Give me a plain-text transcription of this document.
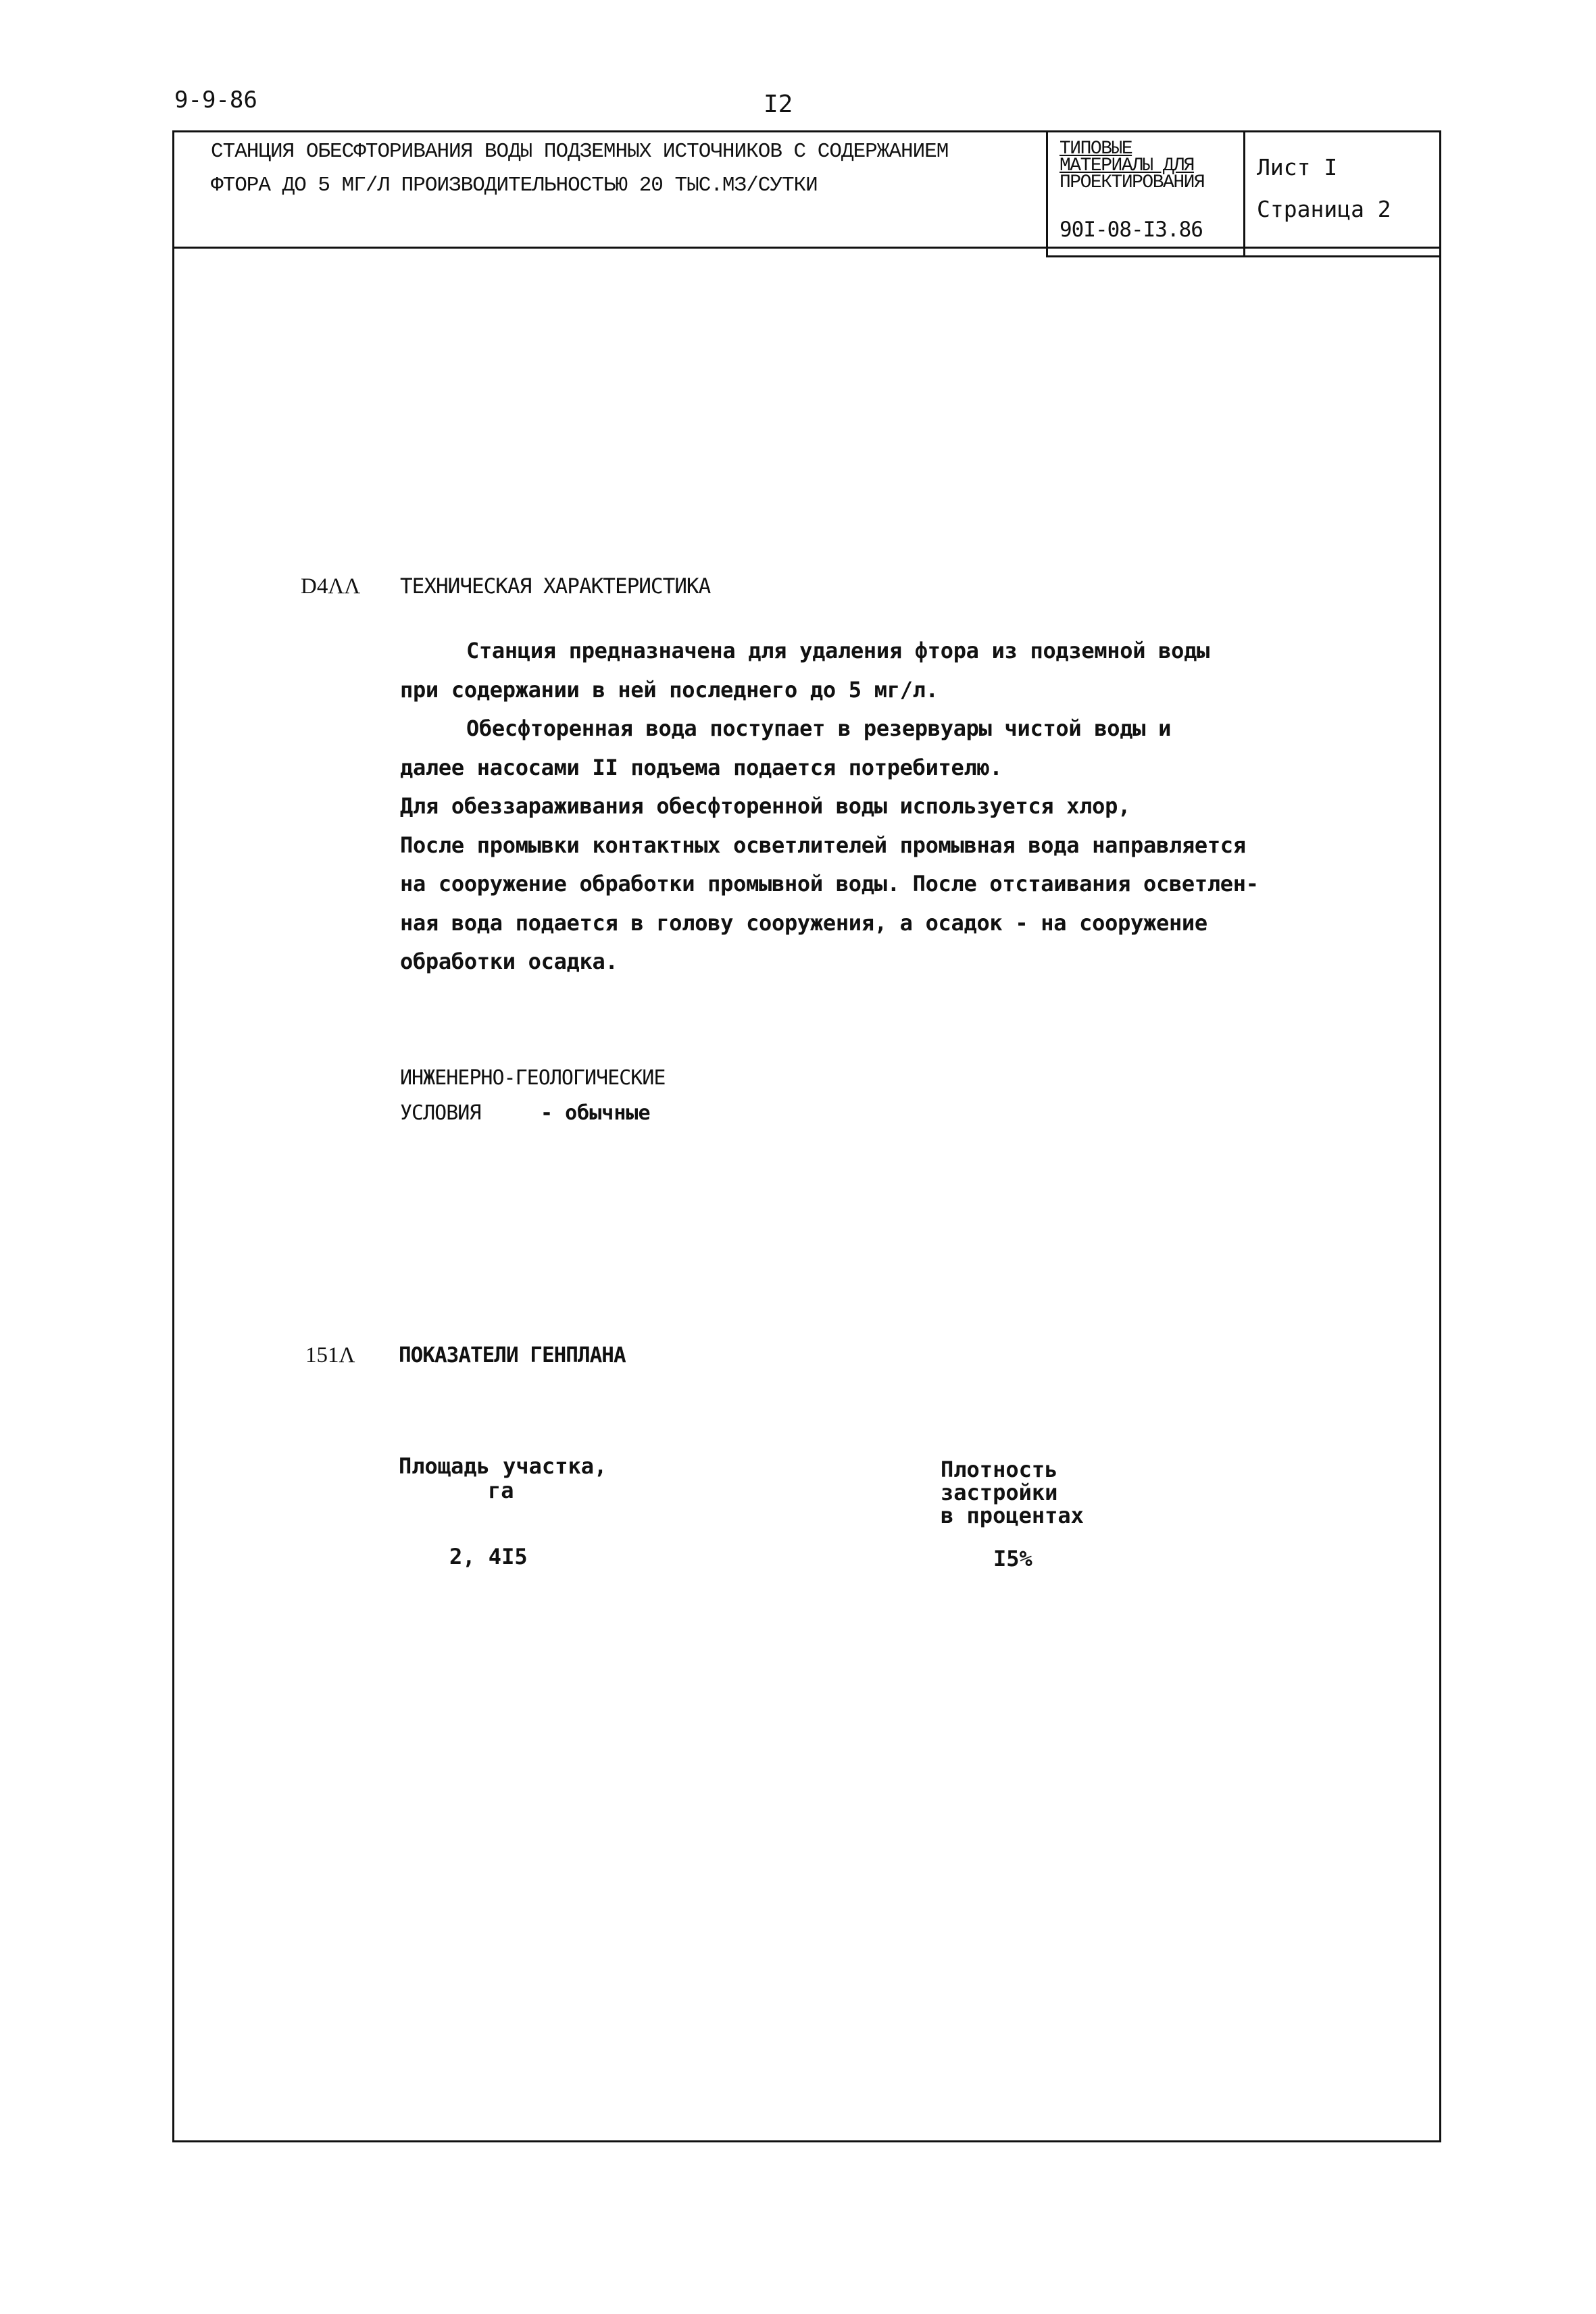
9-9-86	I2
СТАНЦИЯ ОБЕСФТОРИВАНИЯ ВОДЫ ПОДЗЕМНЫХ ИСТОЧНИКОВ С СОДЕРЖАНИЕМ
ФТОРА ДО 5 МГ/Л ПРОИЗВОДИТЕЛЬНОСТЬЮ 20 ТЫС.МЗ/СУТКИ
ТИПОВЫЕ
МАТЕРИАЛЫ ДЛЯ
ПРОЕКТИРОВАНИЯ
90I-08-I3.86
Лист I
Страница 2
D4ΛΛ ТЕХНИЧЕСКАЯ ХАРАКТЕРИСТИКА
Станция предназначена для удаления фтора из подземной воды
при содержании в ней последнего до 5 мг/л.
Обесфторенная вода поступает в резервуары чистой воды и
далее насосами II подъема подается потребителю.
Для обеззараживания обесфторенной воды используется хлор,
После промывки контактных осветлителей промывная вода направляется
на сооружение обработки промывной воды. После отстаивания осветлен-
ная вода подается в голову сооружения, а осадок - на сооружение
обработки осадка.
ИНЖЕНЕРНО-ГЕОЛОГИЧЕСКИЕ
УСЛОВИЯ	- обычные
151Λ ПОКАЗАТЕЛИ ГЕНПЛАНА
Площадь участка,
га
2, 4I5
Плотность
застройки
в процентах
I5%
